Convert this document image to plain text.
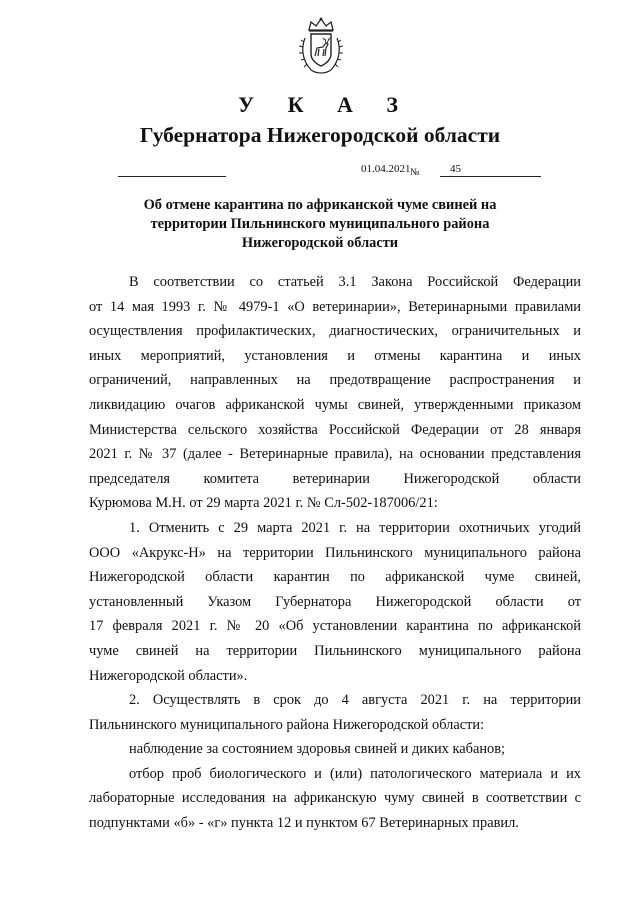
У К А З
Губернатора Нижегородской области
01.04.2021 №	45
Об отмене карантина по африканской чуме свиней на
территории Пильнинского муниципального района
Нижегородской области

В соответствии со статьей 3.1 Закона Российской Федерации

от 14 мая 1993 г. № 4979-1 «О ветеринарии», Ветеринарными правилами

осуществления профилактических, диагностических, ограничительных и

иных мероприятий, установления и отмены карантина и иных

ограничений, направленных на предотвращение распространения и

ликвидацию очагов африканской чумы свиней, утвержденными приказом

Министерства сельского хозяйства Российской Федерации от 28 января

2021 г. № 37 (далее - Ветеринарные правила), на основании представления

председателя комитета ветеринарии Нижегородской области

Курюмова М.Н. от 29 марта 2021 г. № Сл-502-187006/21:

1. Отменить с 29 марта 2021 г. на территории охотничьих угодий

ООО «Акрукс-Н» на территории Пильнинского муниципального района

Нижегородской области карантин по африканской чуме свиней,

установленный Указом Губернатора Нижегородской области от

17 февраля 2021 г. № 20 «Об установлении карантина по африканской

чуме свиней на территории Пильнинского муниципального района

Нижегородской области».

2. Осуществлять в срок до 4 августа 2021 г. на территории

Пильнинского муниципального района Нижегородской области:

наблюдение за состоянием здоровья свиней и диких кабанов;

отбор проб биологического и (или) патологического материала и их

лабораторные исследования на африканскую чуму свиней в соответствии с

подпунктами «б» - «г» пункта 12 и пунктом 67 Ветеринарных правил.
